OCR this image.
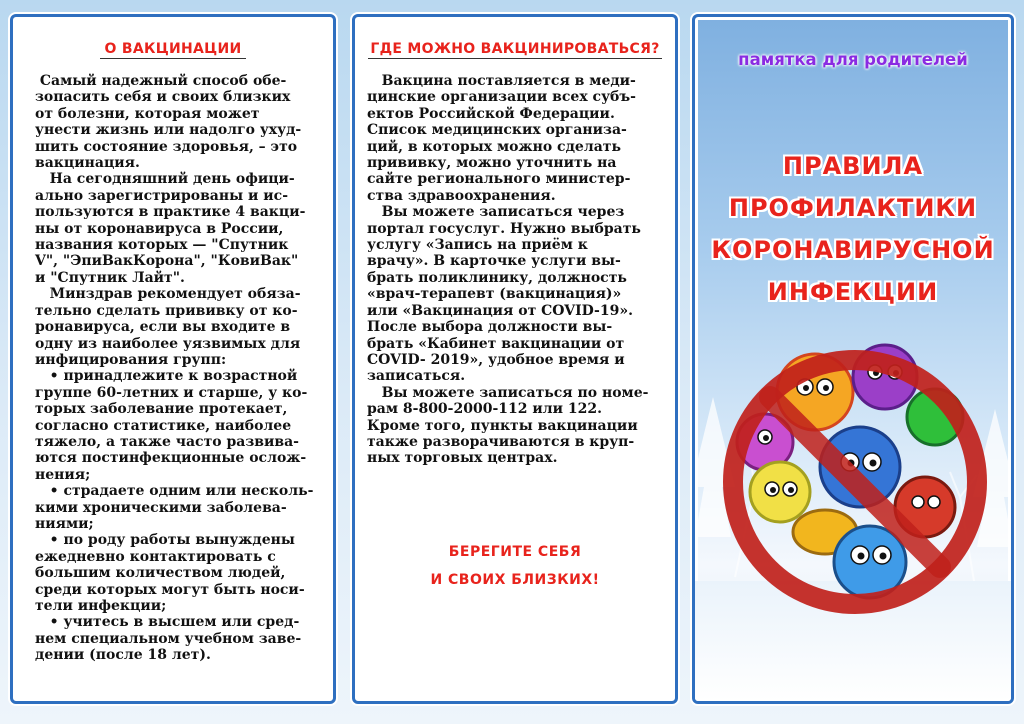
О ВАКЦИНАЦИИ
Самый надежный способ обе-
зопасить себя и своих близких
от болезни, которая может
унести жизнь или надолго ухуд-
шить состояние здоровья, – это
вакцинация.
На сегодняшний день офици-
ально зарегистрированы и ис-
пользуются в практике 4 вакци-
ны от коронавируса в России,
названия которых — "Спутник
V", "ЭпиВакКорона", "КовиВак"
и "Спутник Лайт".
Минздрав рекомендует обяза-
тельно сделать прививку от ко-
ронавируса, если вы входите в
одну из наиболее уязвимых для
инфицирования групп:
• принадлежите к возрастной
группе 60-летних и старше, у ко-
торых заболевание протекает,
согласно статистике, наиболее
тяжело, а также часто развива-
ются постинфекционные ослож-
нения;
• страдаете одним или несколь-
кими хроническими заболева-
ниями;
• по роду работы вынуждены
ежедневно контактировать с
большим количеством людей,
среди которых могут быть носи-
тели инфекции;
• учитесь в высшем или сред-
нем специальном учебном заве-
дении (после 18 лет).
ГДЕ МОЖНО ВАКЦИНИРОВАТЬСЯ?
Вакцина поставляется в меди-
цинские организации всех субъ-
ектов Российской Федерации.
Список медицинских организа-
ций, в которых можно сделать
прививку, можно уточнить на
сайте регионального министер-
ства здравоохранения.
Вы можете записаться через
портал госуслуг. Нужно выбрать
услугу «Запись на приём к
врачу». В карточке услуги вы-
брать поликлинику, должность
«врач-терапевт (вакцинация)»
или «Вакцинация от COVID-19».
После выбора должности вы-
брать «Кабинет вакцинации от
COVID- 2019», удобное время и
записаться.
Вы можете записаться по номе-
рам 8-800-2000-112 или 122.
Кроме того, пункты вакцинации
также разворачиваются в круп-
ных торговых центрах.
БЕРЕГИТЕ СЕБЯ
И СВОИХ БЛИЗКИХ!
памятка для родителей
ПРАВИЛА
ПРОФИЛАКТИКИ
КОРОНАВИРУСНОЙ
ИНФЕКЦИИ
